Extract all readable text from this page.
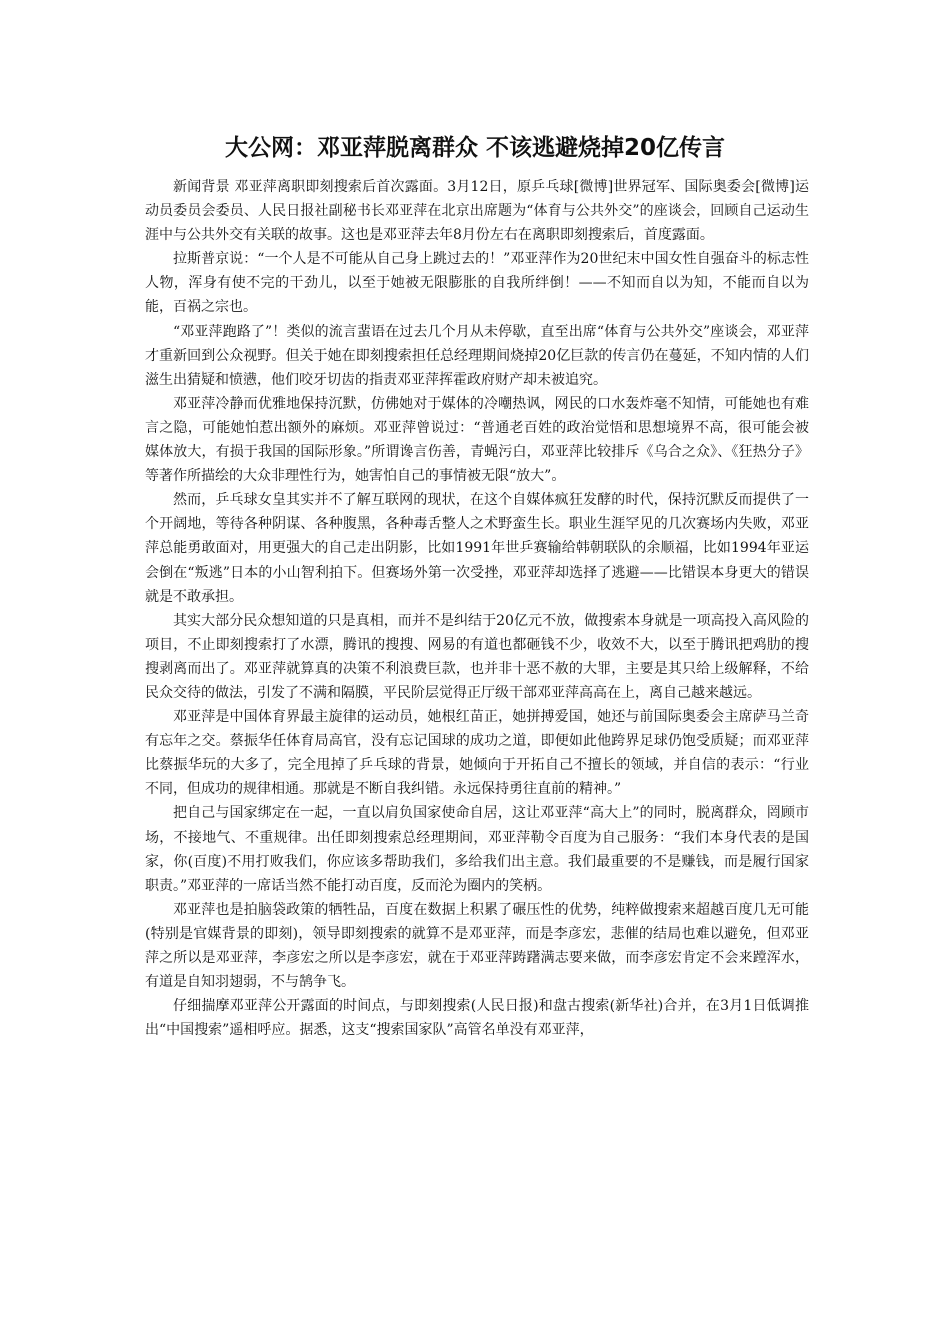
大公网：邓亚萍脱离群众 不该逃避烧掉20亿传言

新闻背景 邓亚萍离职即刻搜索后首次露面。3月12日，原乒乓球[微博]世界冠军、国际奥委会[微博]运动员委员会委员、人民日报社副秘书长邓亚萍在北京出席题为“体育与公共外交”的座谈会，回顾自己运动生涯中与公共外交有关联的故事。这也是邓亚萍去年8月份左右在离职即刻搜索后，首度露面。

拉斯普京说：“一个人是不可能从自己身上跳过去的！”邓亚萍作为20世纪末中国女性自强奋斗的标志性人物，浑身有使不完的干劲儿，以至于她被无限膨胀的自我所绊倒！——不知而自以为知，不能而自以为能，百祸之宗也。

“邓亚萍跑路了”！类似的流言蜚语在过去几个月从未停歇，直至出席“体育与公共外交”座谈会，邓亚萍才重新回到公众视野。但关于她在即刻搜索担任总经理期间烧掉20亿巨款的传言仍在蔓延，不知内情的人们滋生出猜疑和愤懑，他们咬牙切齿的指责邓亚萍挥霍政府财产却未被追究。

邓亚萍冷静而优雅地保持沉默，仿佛她对于媒体的冷嘲热讽，网民的口水轰炸毫不知情，可能她也有难言之隐，可能她怕惹出额外的麻烦。邓亚萍曾说过：“普通老百姓的政治觉悟和思想境界不高，很可能会被媒体放大，有损于我国的国际形象。”所谓谗言伤善，青蝇污白，邓亚萍比较排斥《乌合之众》、《狂热分子》等著作所描绘的大众非理性行为，她害怕自己的事情被无限“放大”。

然而，乒乓球女皇其实并不了解互联网的现状，在这个自媒体疯狂发酵的时代，保持沉默反而提供了一个开阔地，等待各种阴谋、各种腹黑，各种毒舌整人之术野蛮生长。职业生涯罕见的几次赛场内失败，邓亚萍总能勇敢面对，用更强大的自己走出阴影，比如1991年世乒赛输给韩朝联队的余顺福，比如1994年亚运会倒在“叛逃”日本的小山智利拍下。但赛场外第一次受挫，邓亚萍却选择了逃避——比错误本身更大的错误就是不敢承担。

其实大部分民众想知道的只是真相，而并不是纠结于20亿元不放，做搜索本身就是一项高投入高风险的项目，不止即刻搜索打了水漂，腾讯的搜搜、网易的有道也都砸钱不少，收效不大，以至于腾讯把鸡肋的搜搜剥离而出了。邓亚萍就算真的决策不利浪费巨款，也并非十恶不赦的大罪，主要是其只给上级解释，不给民众交待的做法，引发了不满和隔膜，平民阶层觉得正厅级干部邓亚萍高高在上，离自己越来越远。

邓亚萍是中国体育界最主旋律的运动员，她根红苗正，她拼搏爱国，她还与前国际奥委会主席萨马兰奇有忘年之交。蔡振华任体育局高官，没有忘记国球的成功之道，即便如此他跨界足球仍饱受质疑；而邓亚萍比蔡振华玩的大多了，完全甩掉了乒乓球的背景，她倾向于开拓自己不擅长的领域，并自信的表示：“行业不同，但成功的规律相通。那就是不断自我纠错。永远保持勇往直前的精神。”

把自己与国家绑定在一起，一直以肩负国家使命自居，这让邓亚萍“高大上”的同时，脱离群众，罔顾市场，不接地气、不重规律。出任即刻搜索总经理期间，邓亚萍勒令百度为自己服务：“我们本身代表的是国家，你(百度)不用打败我们，你应该多帮助我们，多给我们出主意。我们最重要的不是赚钱，而是履行国家职责。”邓亚萍的一席话当然不能打动百度，反而沦为圈内的笑柄。

邓亚萍也是拍脑袋政策的牺牲品，百度在数据上积累了碾压性的优势，纯粹做搜索来超越百度几无可能(特别是官媒背景的即刻)，领导即刻搜索的就算不是邓亚萍，而是李彦宏，悲催的结局也难以避免，但邓亚萍之所以是邓亚萍，李彦宏之所以是李彦宏，就在于邓亚萍踌躇满志要来做，而李彦宏肯定不会来蹚浑水，有道是自知羽翅弱，不与鹄争飞。

仔细揣摩邓亚萍公开露面的时间点，与即刻搜索(人民日报)和盘古搜索(新华社)合并，在3月1日低调推出“中国搜索”遥相呼应。据悉，这支“搜索国家队”高管名单没有邓亚萍，
